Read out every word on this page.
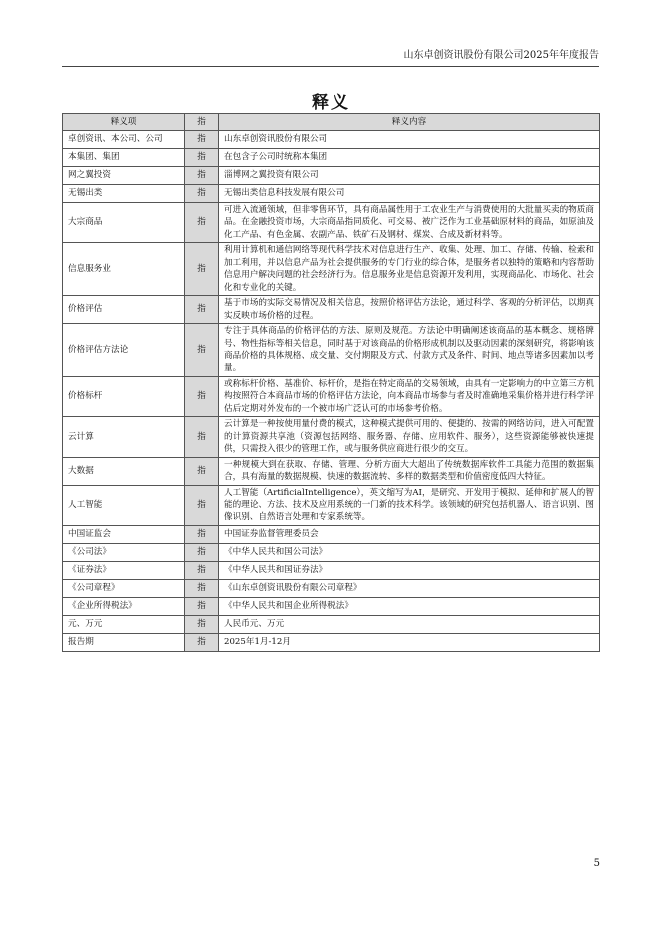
山东卓创资讯股份有限公司2025年年度报告
释义
释义项	指	释义内容
卓创资讯、本公司、公司	指	山东卓创资讯股份有限公司
本集团、集团	指	在包含子公司时统称本集团
网之翼投资	指	淄博网之翼投资有限公司
无锡出类	指	无锡出类信息科技发展有限公司
大宗商品	指	可进入流通领域，但非零售环节，具有商品属性用于工农业生产与消费使用的大批量买卖的物质商品。在金融投资市场，大宗商品指同质化、可交易、被广泛作为工业基础原材料的商品，如原油及化工产品、有色金属、农副产品、铁矿石及钢材、煤炭、合成及新材料等。
信息服务业	指	利用计算机和通信网络等现代科学技术对信息进行生产、收集、处理、加工、存储、传输、检索和加工利用，并以信息产品为社会提供服务的专门行业的综合体，是服务者以独特的策略和内容帮助信息用户解决问题的社会经济行为。信息服务业是信息资源开发利用，实现商品化、市场化、社会化和专业化的关键。
价格评估	指	基于市场的实际交易情况及相关信息，按照价格评估方法论，通过科学、客观的分析评估，以期真实反映市场价格的过程。
价格评估方法论	指	专注于具体商品的价格评估的方法、原则及规范。方法论中明确阐述该商品的基本概念、规格牌号、物性指标等相关信息，同时基于对该商品的价格形成机制以及驱动因素的深刻研究，将影响该商品价格的具体规格、成交量、交付期限及方式、付款方式及条件、时间、地点等诸多因素加以考量。
价格标杆	指	或称标杆价格、基准价、标杆价，是指在特定商品的交易领域，由具有一定影响力的中立第三方机构按照符合本商品市场的价格评估方法论，向本商品市场参与者及时准确地采集价格并进行科学评估后定期对外发布的一个被市场广泛认可的市场参考价格。
云计算	指	云计算是一种按使用量付费的模式，这种模式提供可用的、便捷的、按需的网络访问，进入可配置的计算资源共享池（资源包括网络、服务器、存储、应用软件、服务），这些资源能够被快速提供，只需投入很少的管理工作，或与服务供应商进行很少的交互。
大数据	指	一种规模大到在获取、存储、管理、分析方面大大超出了传统数据库软件工具能力范围的数据集合，具有海量的数据规模、快速的数据流转、多样的数据类型和价值密度低四大特征。
人工智能	指	人工智能（ArtificialIntelligence），英文缩写为AI，是研究、开发用于模拟、延伸和扩展人的智能的理论、方法、技术及应用系统的一门新的技术科学。该领域的研究包括机器人、语言识别、图像识别、自然语言处理和专家系统等。
中国证监会	指	中国证券监督管理委员会
《公司法》	指	《中华人民共和国公司法》
《证券法》	指	《中华人民共和国证券法》
《公司章程》	指	《山东卓创资讯股份有限公司章程》
《企业所得税法》	指	《中华人民共和国企业所得税法》
元、万元	指	人民币元、万元
报告期	指	2025年1月-12月
5
